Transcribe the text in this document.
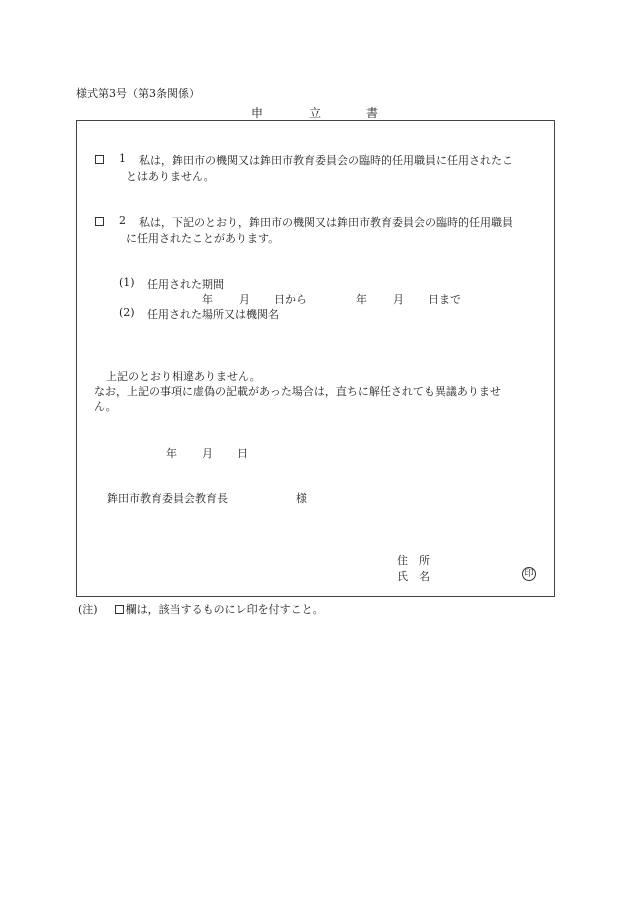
様式第3号（第3条関係）
申	立	書
1 私は，鉾田市の機関又は鉾田市教育委員会の臨時的任用職員に任用されたこ
とはありません。
2 私は，下記のとおり，鉾田市の機関又は鉾田市教育委員会の臨時的任用職員
に任用されたことがあります。
(1) 任用された期間
年 月 日から	年 月 日まで
(2) 任用された場所又は機関名
上記のとおり相違ありません。
なお，上記の事項に虚偽の記載があった場合は，直ちに解任されても異議ありませ
ん。
年 月 日
鉾田市教育委員会教育長	様
住　所
氏　名	印
(注)	欄は，該当するものにレ印を付すこと。
